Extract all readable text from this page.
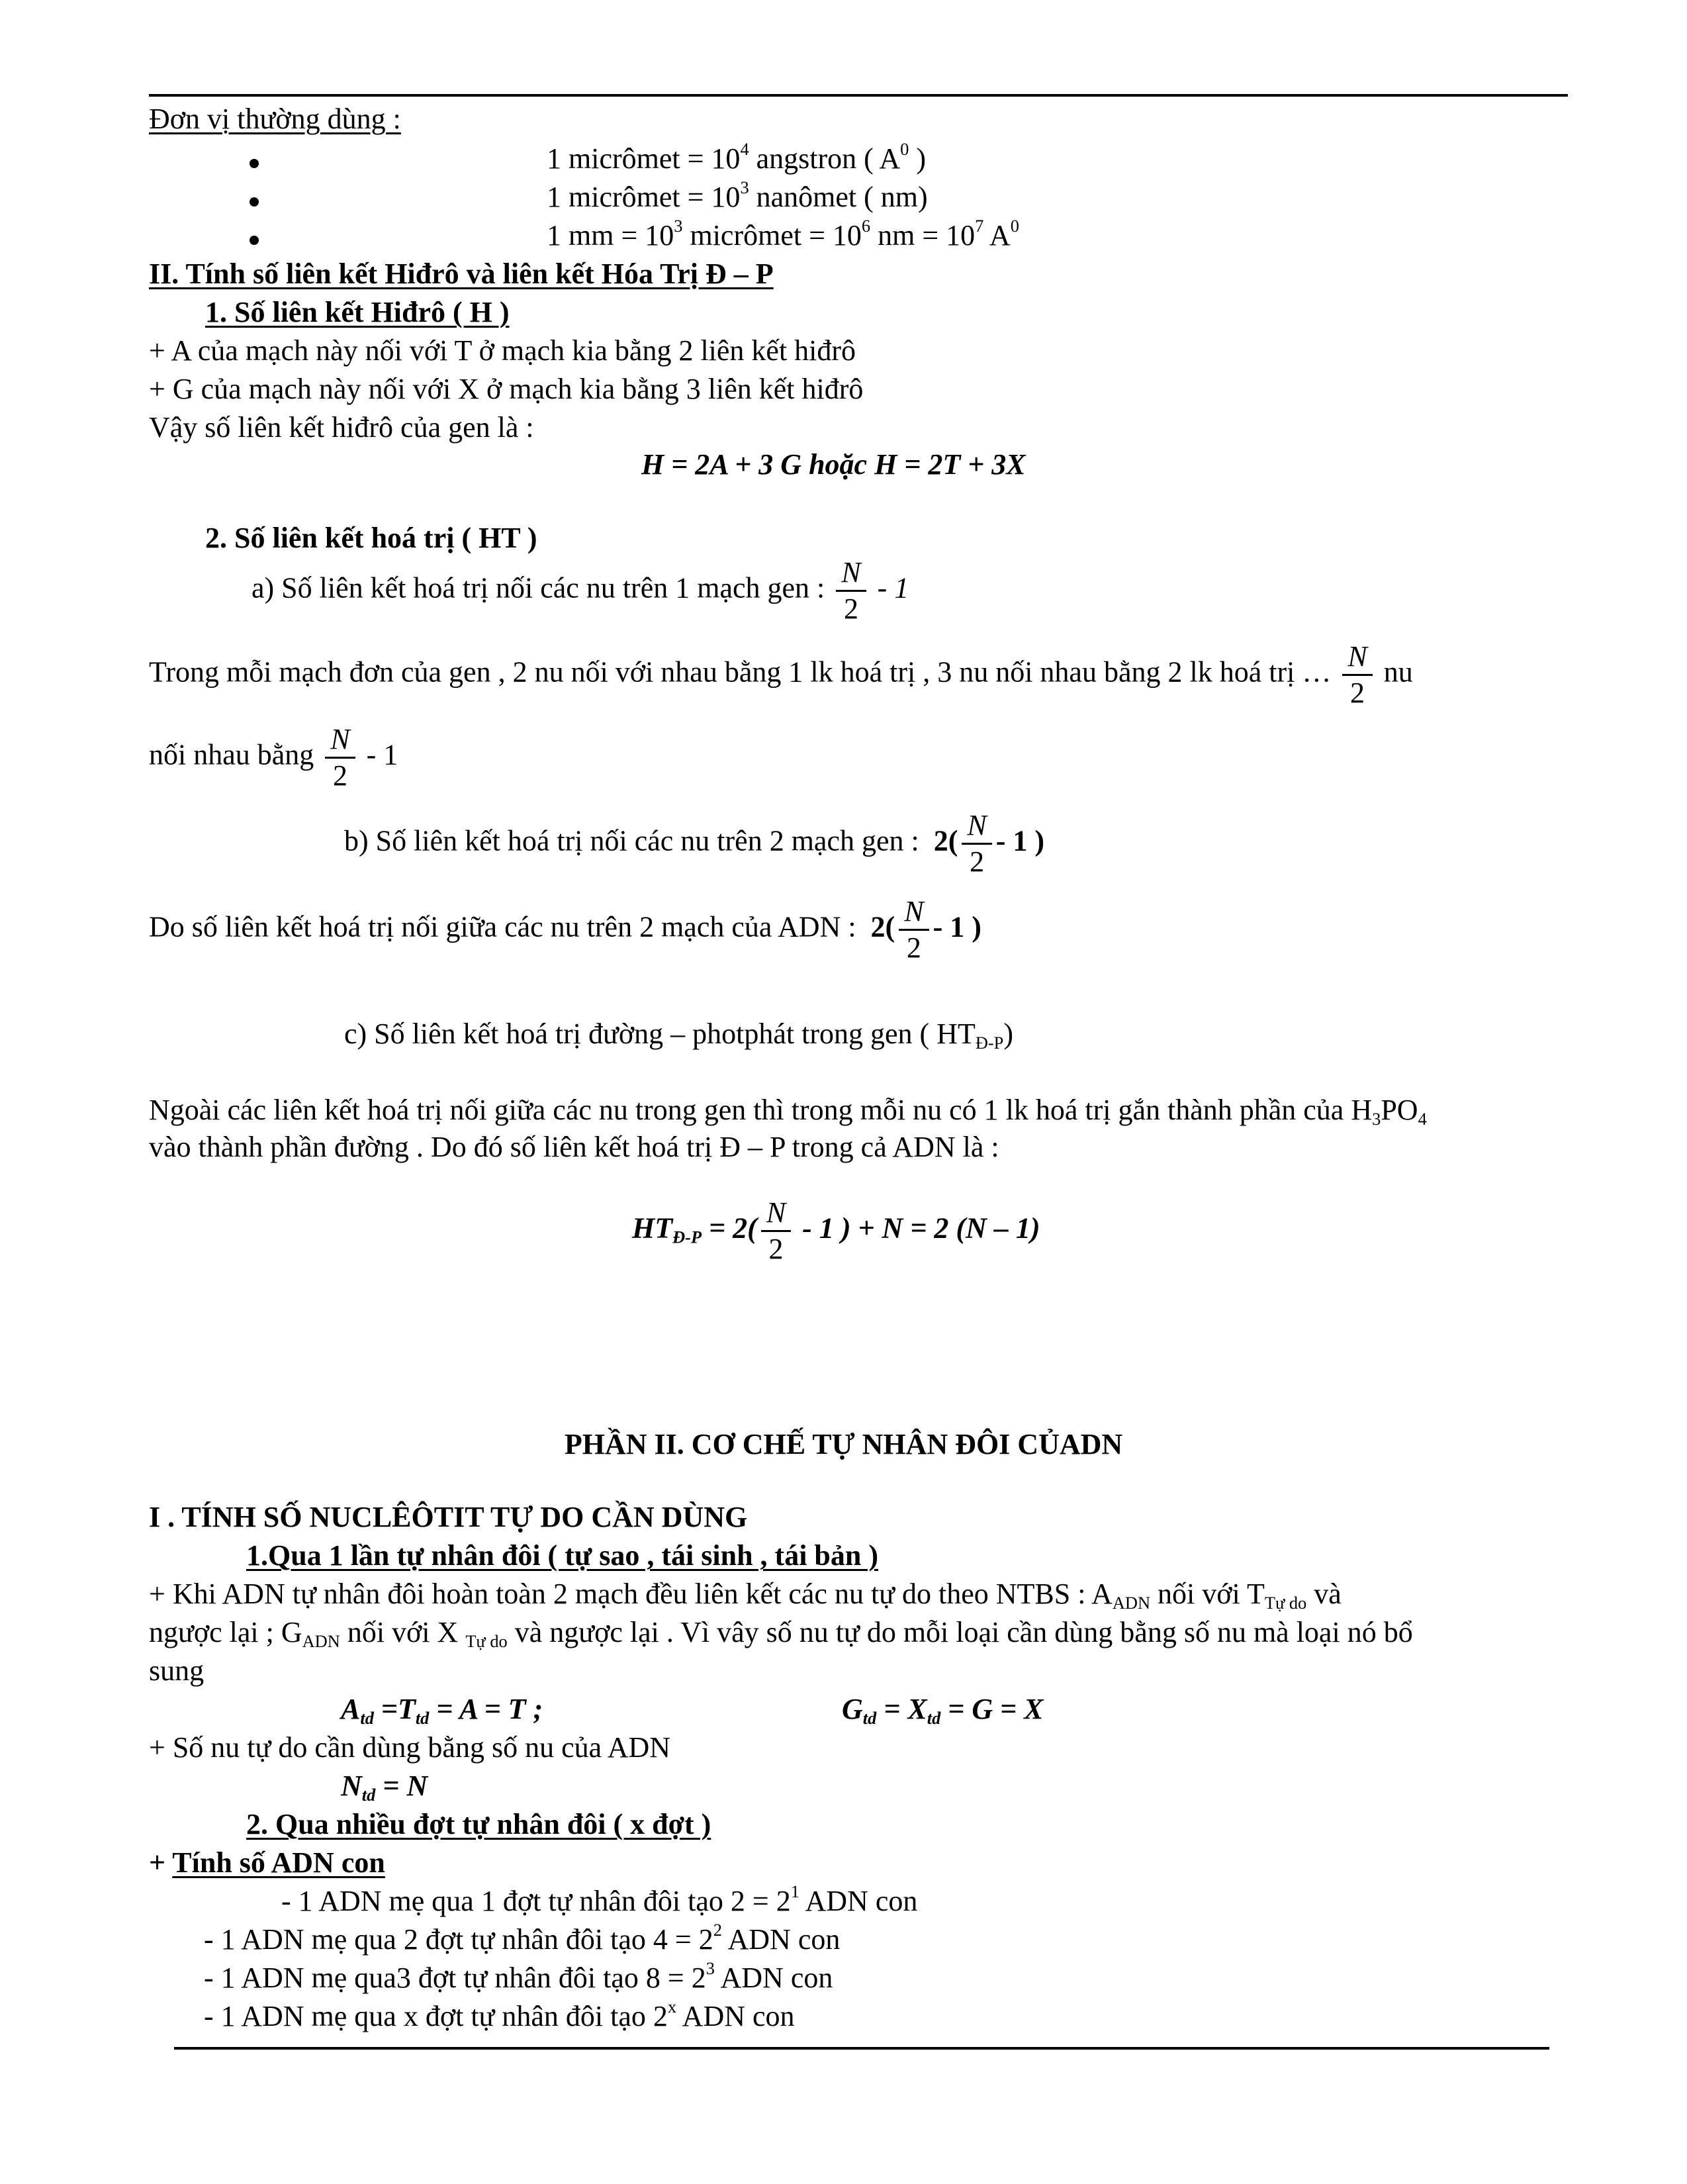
Đơn vị thường dùng :
1 micrômet = $10^4$ angstron ( $A^0$ )
1 micrômet = $10^3$ nanômet ( nm)
1 mm = $10^3$ micrômet = $10^6$ nm = $10^7$ $A^0$
II. Tính số liên kết Hiđrô và liên kết Hóa Trị Đ – P
1. Số liên kết Hiđrô ( H )
+ A của mạch này nối với T ở mạch kia bằng 2 liên kết hiđrô
+ G của mạch này nối với X ở mạch kia bằng 3 liên kết hiđrô
Vậy số liên kết hiđrô của gen là :
H = 2A + 3 G hoặc H = 2T + 3X
2. Số liên kết hoá trị ( HT )
a) Số liên kết hoá trị nối các nu trên 1 mạch gen : $\frac{N}{2} - 1$
Trong mỗi mạch đơn của gen , 2 nu nối với nhau bằng 1 lk hoá trị , 3 nu nối nhau bằng 2 lk hoá trị … $\frac{N}{2}$ nu
nối nhau bằng $\frac{N}{2} - 1$
b) Số liên kết hoá trị nối các nu trên 2 mạch gen : $2( \frac{N}{2} - 1$ )
Do số liên kết hoá trị nối giữa các nu trên 2 mạch của ADN : $2( \frac{N}{2} - 1$ )
c) Số liên kết hoá trị đường – photphát trong gen ( $HT_{Đ-P}$)
Ngoài các liên kết hoá trị nối giữa các nu trong gen thì trong mỗi nu có 1 lk hoá trị gắn thành phần của $H_3PO_4$
vào thành phần đường . Do đó số liên kết hoá trị Đ – P trong cả ADN là :
$HT_{Đ-P} = 2( \frac{N}{2} - 1$ ) + N = 2 (N – 1)
PHẦN II. CƠ CHẾ TỰ NHÂN ĐÔI CỦADN
I . TÍNH SỐ NUCLÊÔTIT TỰ DO CẦN DÙNG
1.Qua 1 lần tự nhân đôi ( tự sao , tái sinh , tái bản )
+ Khi ADN tự nhân đôi hoàn toàn 2 mạch đều liên kết các nu tự do theo NTBS : $A_{ADN}$ nối với $T_{Tự do}$ và
ngược lại ; $G_{ADN}$ nối với X $_{Tự do}$ và ngược lại . Vì vây số nu tự do mỗi loại cần dùng bằng số nu mà loại nó bổ
sung
$A_{td} =T_{td} = A = T$ ;	$G_{td} = X_{td} = G = X$
+ Số nu tự do cần dùng bằng số nu của ADN
$N_{td} = N$
2. Qua nhiều đợt tự nhân đôi ( x đợt )
+ Tính số ADN con
- 1 ADN mẹ qua 1 đợt tự nhân đôi tạo $2 = 2^1$ ADN con
- 1 ADN mẹ qua 2 đợt tự nhân đôi tạo $4 = 2^2$ ADN con
- 1 ADN mẹ qua3 đợt tự nhân đôi tạo $8 = 2^3$ ADN con
- 1 ADN mẹ qua x đợt tự nhân đôi tạo 2$^x$ ADN con
